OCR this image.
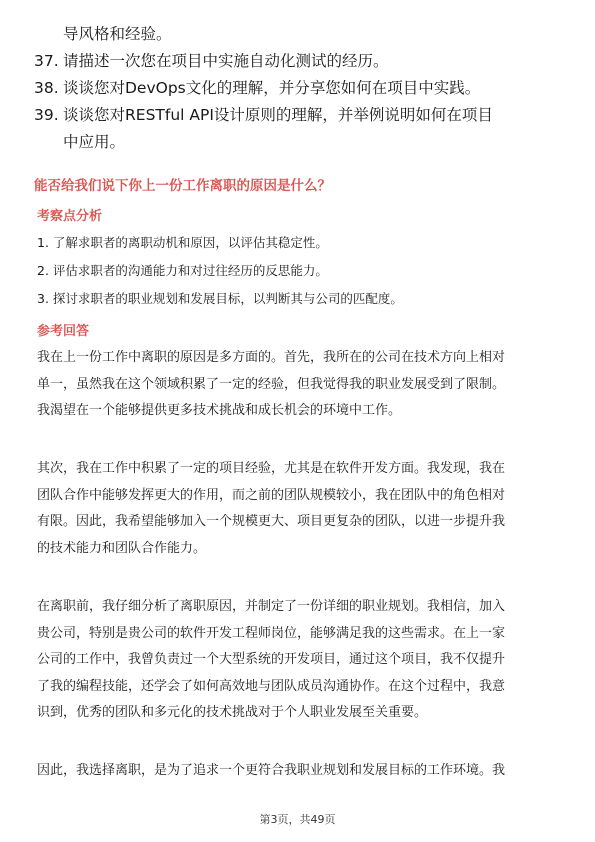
导风格和经验。
37. 请描述一次您在项目中实施自动化测试的经历。
38. 谈谈您对DevOps文化的理解，并分享您如何在项目中实践。
39. 谈谈您对RESTful API设计原则的理解，并举例说明如何在项目
中应用。
能否给我们说下你上一份工作离职的原因是什么？
考察点分析
1. 了解求职者的离职动机和原因，以评估其稳定性。
2. 评估求职者的沟通能力和对过往经历的反思能力。
3. 探讨求职者的职业规划和发展目标，以判断其与公司的匹配度。
参考回答
我在上一份工作中离职的原因是多方面的。首先，我所在的公司在技术方向上相对
单一，虽然我在这个领域积累了一定的经验，但我觉得我的职业发展受到了限制。
我渴望在一个能够提供更多技术挑战和成长机会的环境中工作。
其次，我在工作中积累了一定的项目经验，尤其是在软件开发方面。我发现，我在
团队合作中能够发挥更大的作用，而之前的团队规模较小，我在团队中的角色相对
有限。因此，我希望能够加入一个规模更大、项目更复杂的团队，以进一步提升我
的技术能力和团队合作能力。
在离职前，我仔细分析了离职原因，并制定了一份详细的职业规划。我相信，加入
贵公司，特别是贵公司的软件开发工程师岗位，能够满足我的这些需求。在上一家
公司的工作中，我曾负责过一个大型系统的开发项目，通过这个项目，我不仅提升
了我的编程技能，还学会了如何高效地与团队成员沟通协作。在这个过程中，我意
识到，优秀的团队和多元化的技术挑战对于个人职业发展至关重要。
因此，我选择离职，是为了追求一个更符合我职业规划和发展目标的工作环境。我
第3页，共49页
